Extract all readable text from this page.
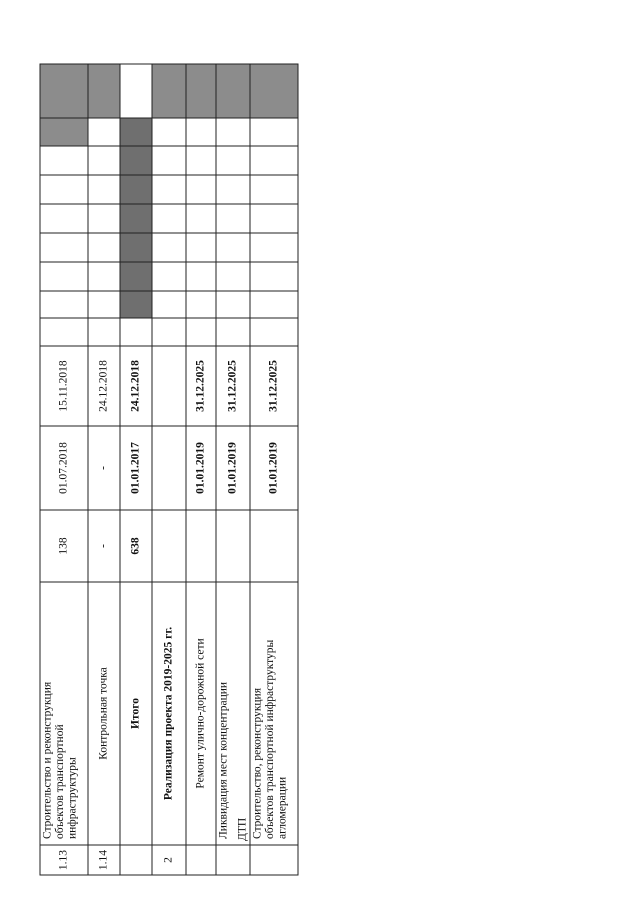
1.13
Строительство и реконструкция объектов транспортной инфраструктуры
138
01.07.2018
15.11.2018
1.14
Контрольная точка
-
-
24.12.2018
Итого
638
01.01.2017
24.12.2018
2
Реализация проекта 2019-2025 гг. Ремонт улично-дорожной сети
01.01.2019
31.12.2025
Ликвидация мест концентрации ДТП
01.01.2019
31.12.2025
Строительство, реконструкция объектов транспортной инфраструктуры агломерации
01.01.2019
31.12.2025
